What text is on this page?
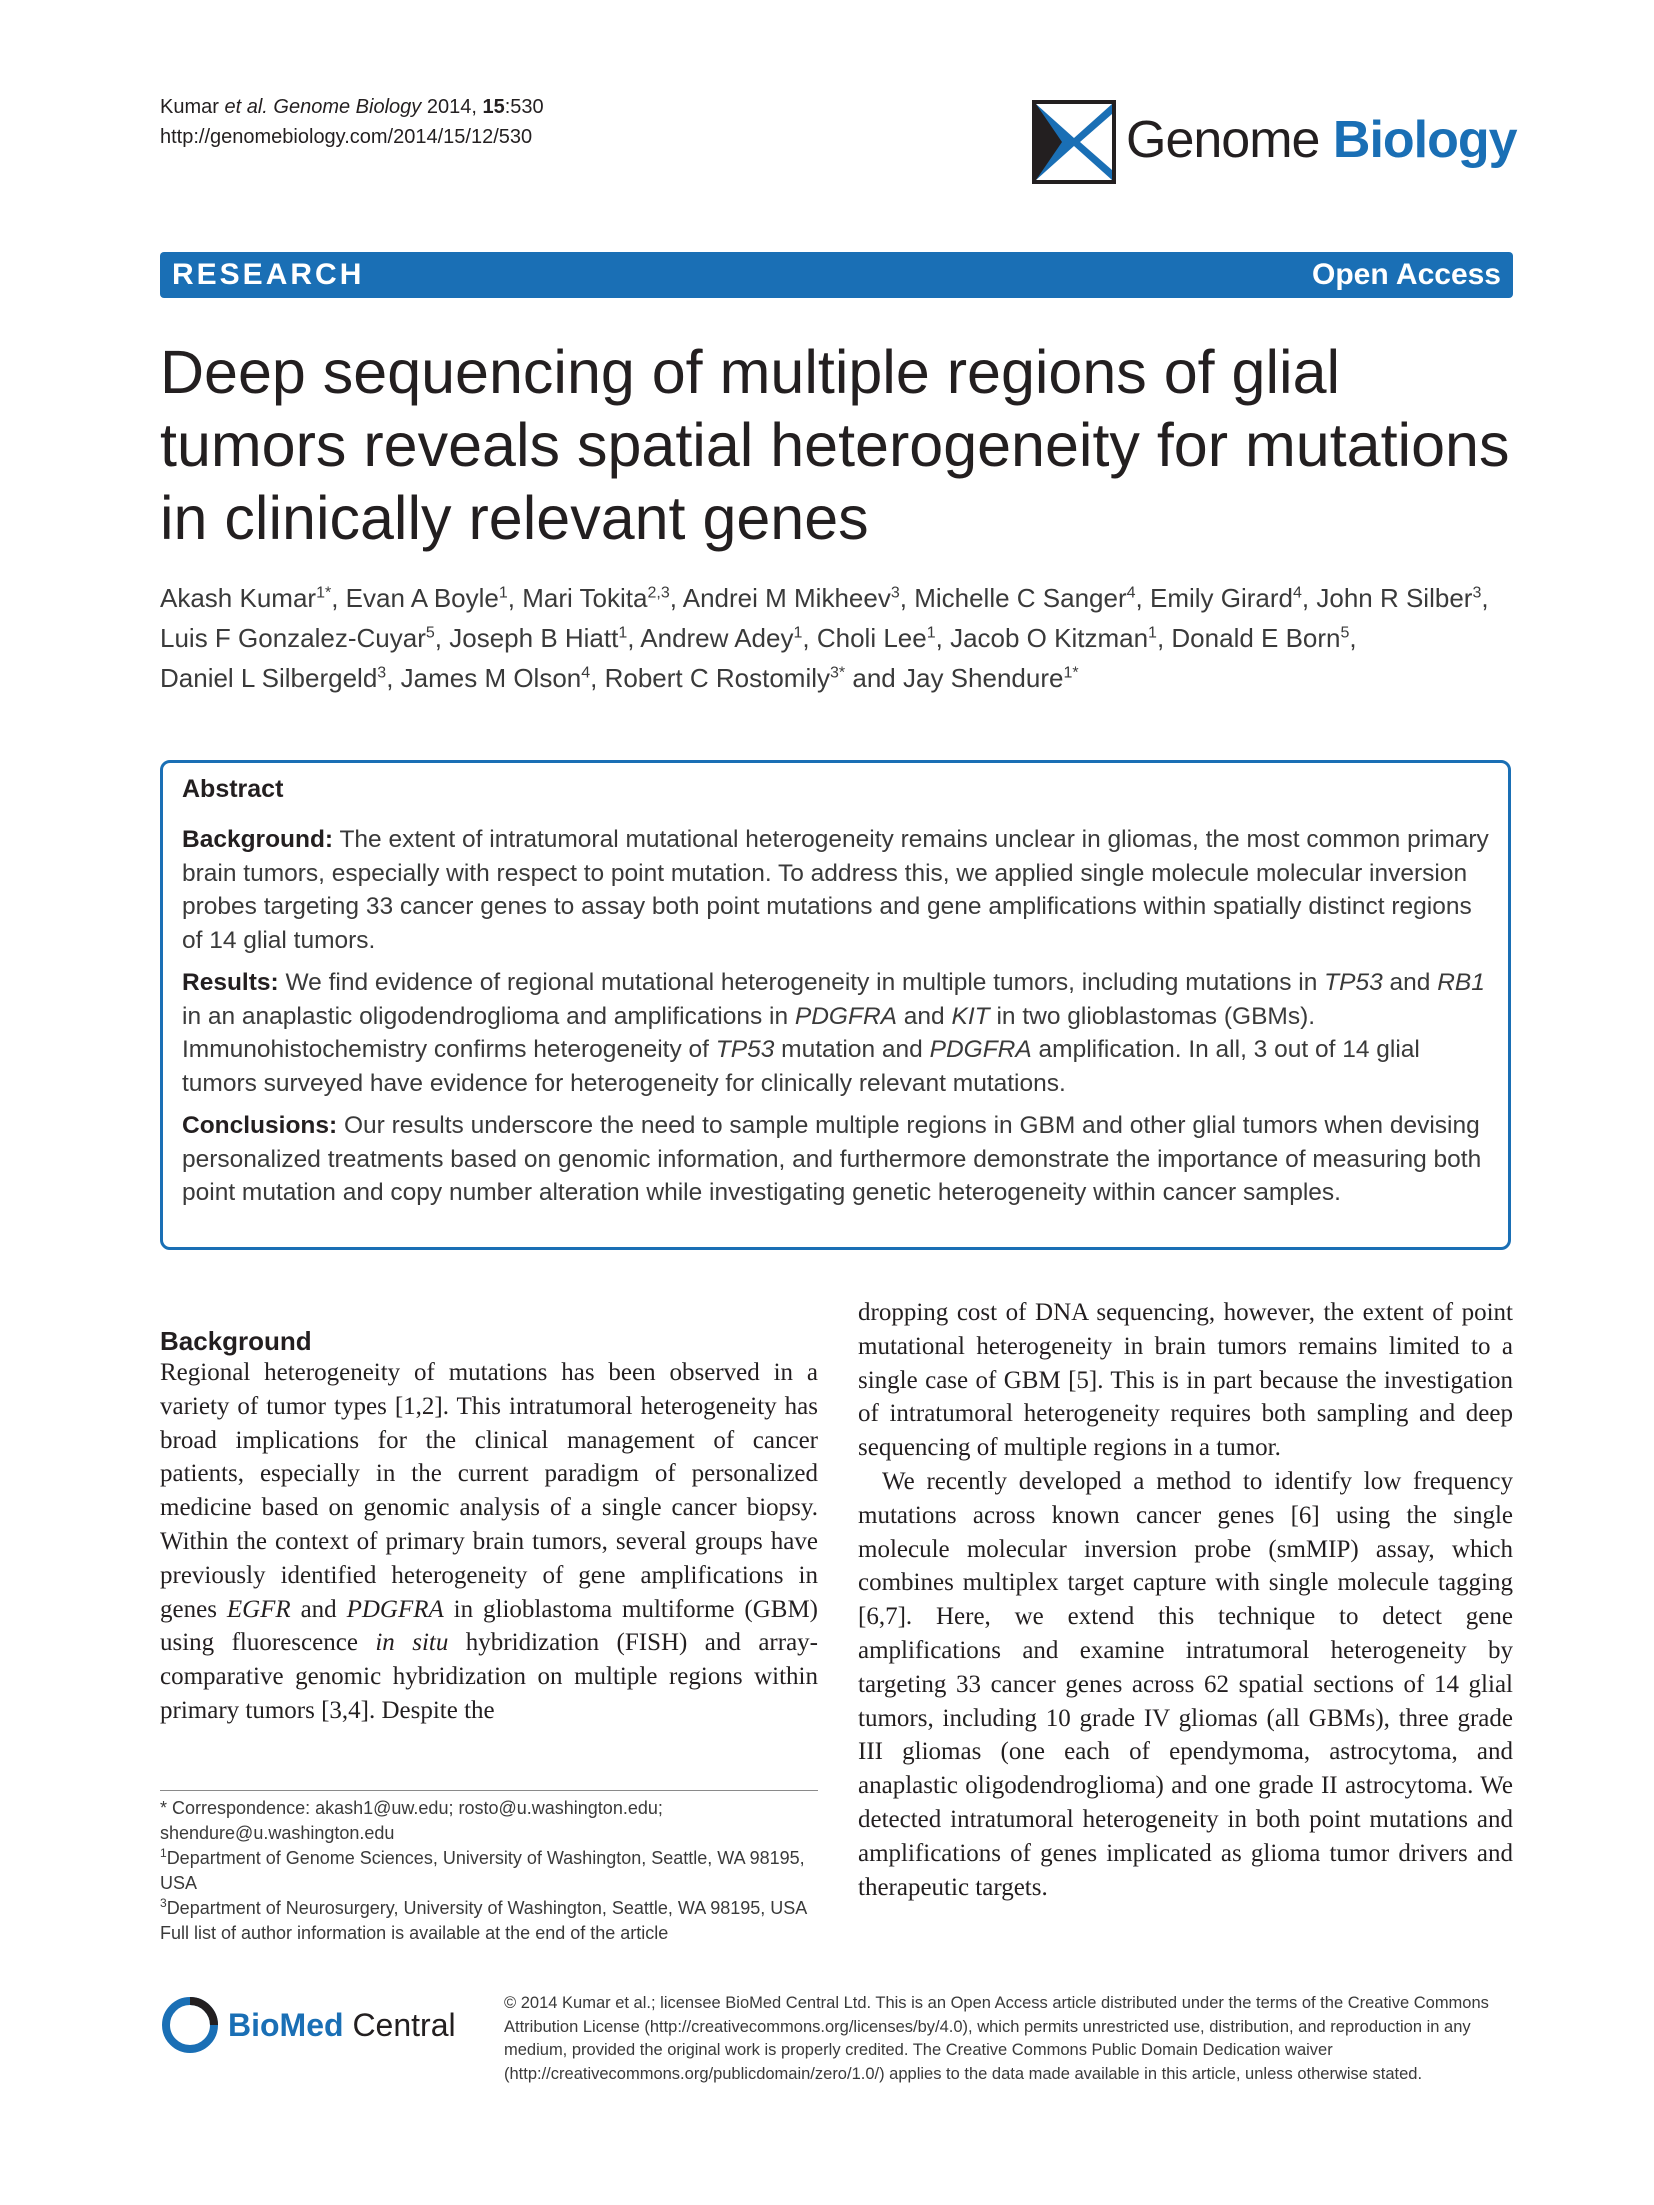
Kumar et al. Genome Biology 2014, 15:530
http://genomebiology.com/2014/15/12/530	Genome Biology
RESEARCH	Open Access
Deep sequencing of multiple regions of glial tumors reveals spatial heterogeneity for mutations in clinically relevant genes
Akash Kumar$^{1*}$, Evan A Boyle$^1$, Mari Tokita$^{2,3}$, Andrei M Mikheev$^3$, Michelle C Sanger$^4$, Emily Girard$^4$, John R Silber$^3$, Luis F Gonzalez-Cuyar$^5$, Joseph B Hiatt$^1$, Andrew Adey$^1$, Choli Lee$^1$, Jacob O Kitzman$^1$, Donald E Born$^5$, Daniel L Silbergeld$^3$, James M Olson$^4$, Robert C Rostomily$^{3*}$ and Jay Shendure$^{1*}$
Abstract

Background: The extent of intratumoral mutational heterogeneity remains unclear in gliomas, the most common primary brain tumors, especially with respect to point mutation. To address this, we applied single molecule molecular inversion probes targeting 33 cancer genes to assay both point mutations and gene amplifications within spatially distinct regions of 14 glial tumors.

Results: We find evidence of regional mutational heterogeneity in multiple tumors, including mutations in TP53 and RB1 in an anaplastic oligodendroglioma and amplifications in PDGFRA and KIT in two glioblastomas (GBMs). Immunohistochemistry confirms heterogeneity of TP53 mutation and PDGFRA amplification. In all, 3 out of 14 glial tumors surveyed have evidence for heterogeneity for clinically relevant mutations.

Conclusions: Our results underscore the need to sample multiple regions in GBM and other glial tumors when devising personalized treatments based on genomic information, and furthermore demonstrate the importance of measuring both point mutation and copy number alteration while investigating genetic heterogeneity within cancer samples.

Background

Regional heterogeneity of mutations has been observed in a variety of tumor types [1,2]. This intratumoral heterogeneity has broad implications for the clinical management of cancer patients, especially in the current paradigm of personalized medicine based on genomic analysis of a single cancer biopsy. Within the context of primary brain tumors, several groups have previously identified heterogeneity of gene amplifications in genes EGFR and PDGFRA in glioblastoma multiforme (GBM) using fluorescence in situ hybridization (FISH) and array-comparative genomic hybridization on multiple regions within primary tumors [3,4]. Despite the

dropping cost of DNA sequencing, however, the extent of point mutational heterogeneity in brain tumors remains limited to a single case of GBM [5]. This is in part because the investigation of intratumoral heterogeneity requires both sampling and deep sequencing of multiple regions in a tumor.

We recently developed a method to identify low frequency mutations across known cancer genes [6] using the single molecule molecular inversion probe (smMIP) assay, which combines multiplex target capture with single molecule tagging [6,7]. Here, we extend this technique to detect gene amplifications and examine intratumoral heterogeneity by targeting 33 cancer genes across 62 spatial sections of 14 glial tumors, including 10 grade IV gliomas (all GBMs), three grade III gliomas (one each of ependymoma, astrocytoma, and anaplastic oligodendroglioma) and one grade II astrocytoma. We detected intratumoral heterogeneity in both point mutations and amplifications of genes implicated as glioma tumor drivers and therapeutic targets.

* Correspondence: akash1@uw.edu; rosto@u.washington.edu; shendure@u.washington.edu

$^1$Department of Genome Sciences, University of Washington, Seattle, WA 98195, USA

$^3$Department of Neurosurgery, University of Washington, Seattle, WA 98195, USA

Full list of author information is available at the end of the article

BioMed Central
© 2014 Kumar et al.; licensee BioMed Central Ltd. This is an Open Access article distributed under the terms of the Creative Commons Attribution License (http://creativecommons.org/licenses/by/4.0), which permits unrestricted use, distribution, and reproduction in any medium, provided the original work is properly credited. The Creative Commons Public Domain Dedication waiver (http://creativecommons.org/publicdomain/zero/1.0/) applies to the data made available in this article, unless otherwise stated.
